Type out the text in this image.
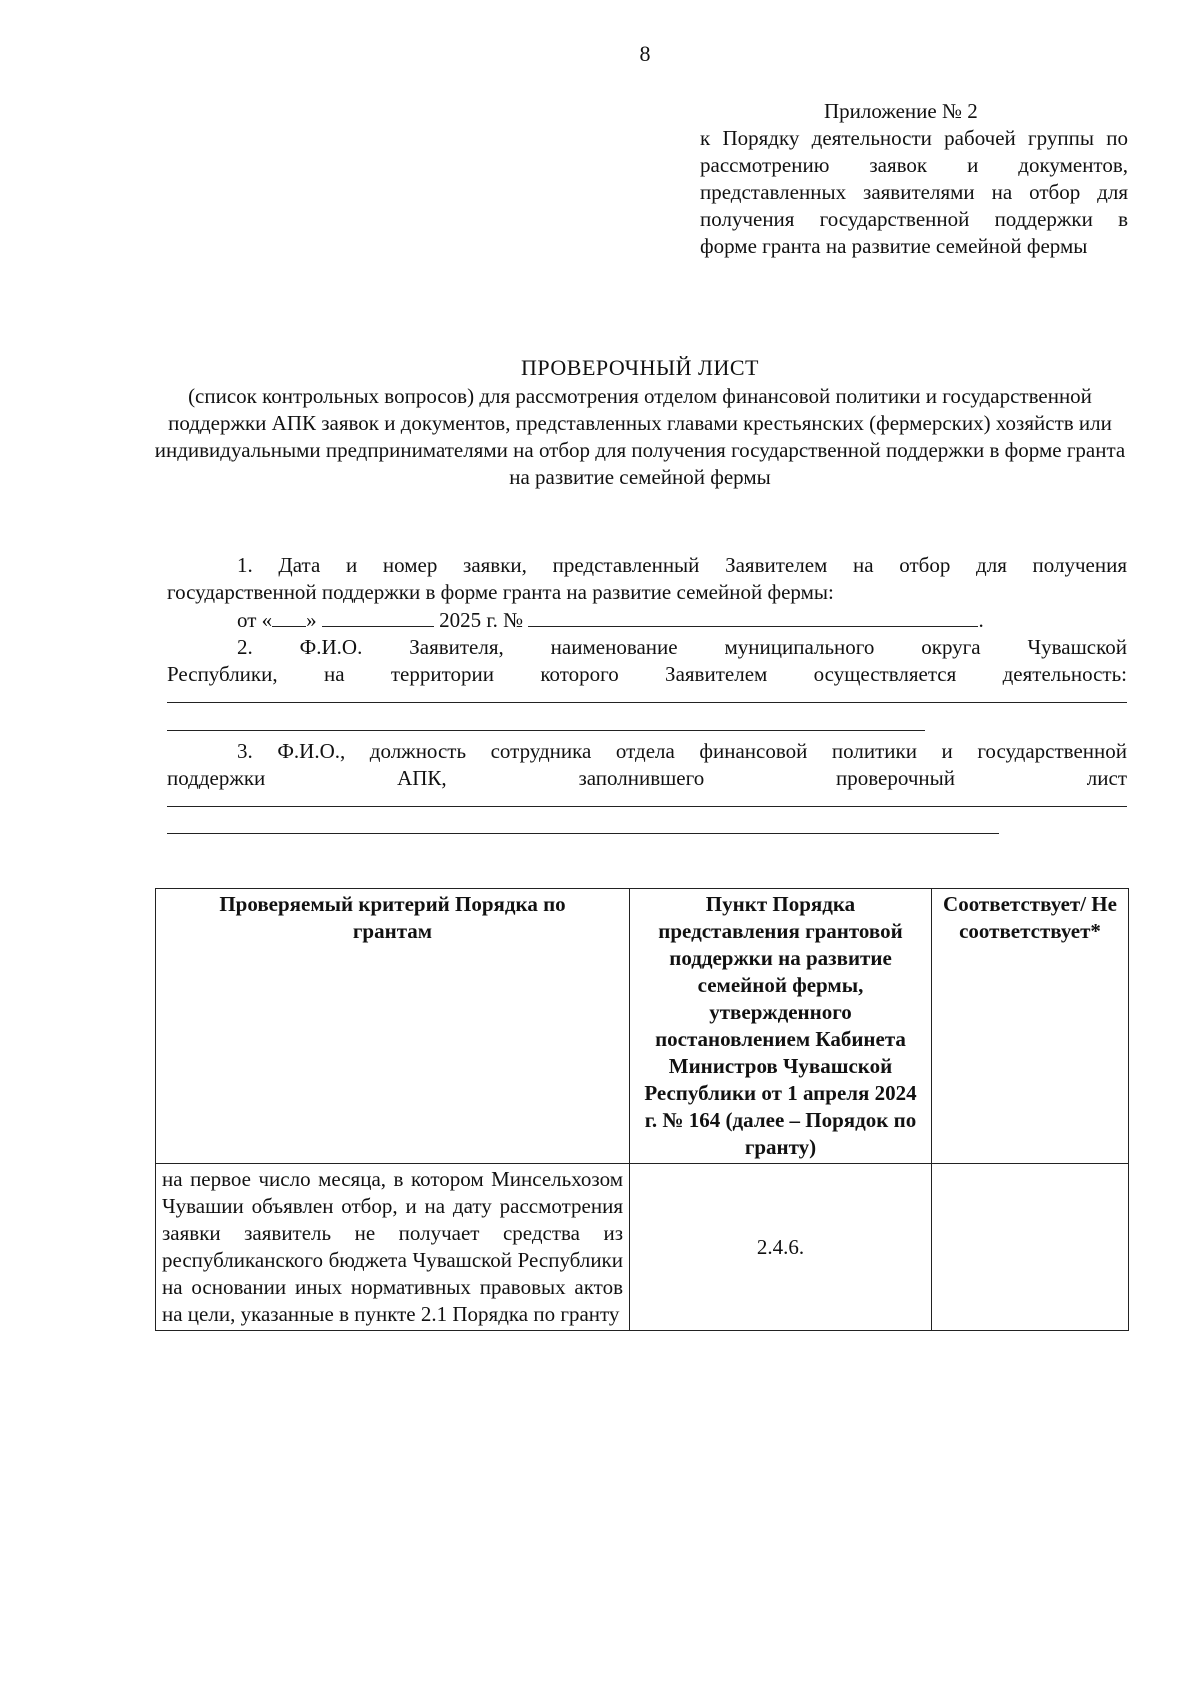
8
Приложение № 2
к Порядку деятельности рабочей группы по рассмотрению заявок и документов, представленных заявителями на отбор для получения государственной поддержки в форме гранта на развитие семейной фермы
ПРОВЕРОЧНЫЙ ЛИСТ
(список контрольных вопросов) для рассмотрения отделом финансовой политики и государственной поддержки АПК заявок и документов, представленных главами крестьянских (фермерских) хозяйств или индивидуальными предпринимателями на отбор для получения государственной поддержки в форме гранта на развитие семейной фермы
1. Дата и номер заявки, представленный Заявителем на отбор для получения
государственной поддержки в форме гранта на развитие семейной фермы:
от « »	2025 г. №	.
2. Ф.И.О. Заявителя, наименование муниципального округа Чувашской
Республики, на территории которого Заявителем осуществляется деятельность:
3. Ф.И.О., должность сотрудника отдела финансовой политики и государственной
поддержки АПК, заполнившего проверочный лист
Проверяемый критерий Порядка по грантам	Пункт Порядка представления грантовой поддержки на развитие семейной фермы, утвержденного постановлением Кабинета Министров Чувашской Республики от 1 апреля 2024 г. № 164 (далее – Порядок по гранту)	Соответствует/ Не соответствует*
на первое число месяца, в котором Минсельхозом Чувашии объявлен отбор, и на дату рассмотрения заявки заявитель не получает средства из республиканского бюджета Чувашской Республики на основании иных нормативных правовых актов на цели, указанные в пункте 2.1 Порядка по гранту	2.4.6.	
